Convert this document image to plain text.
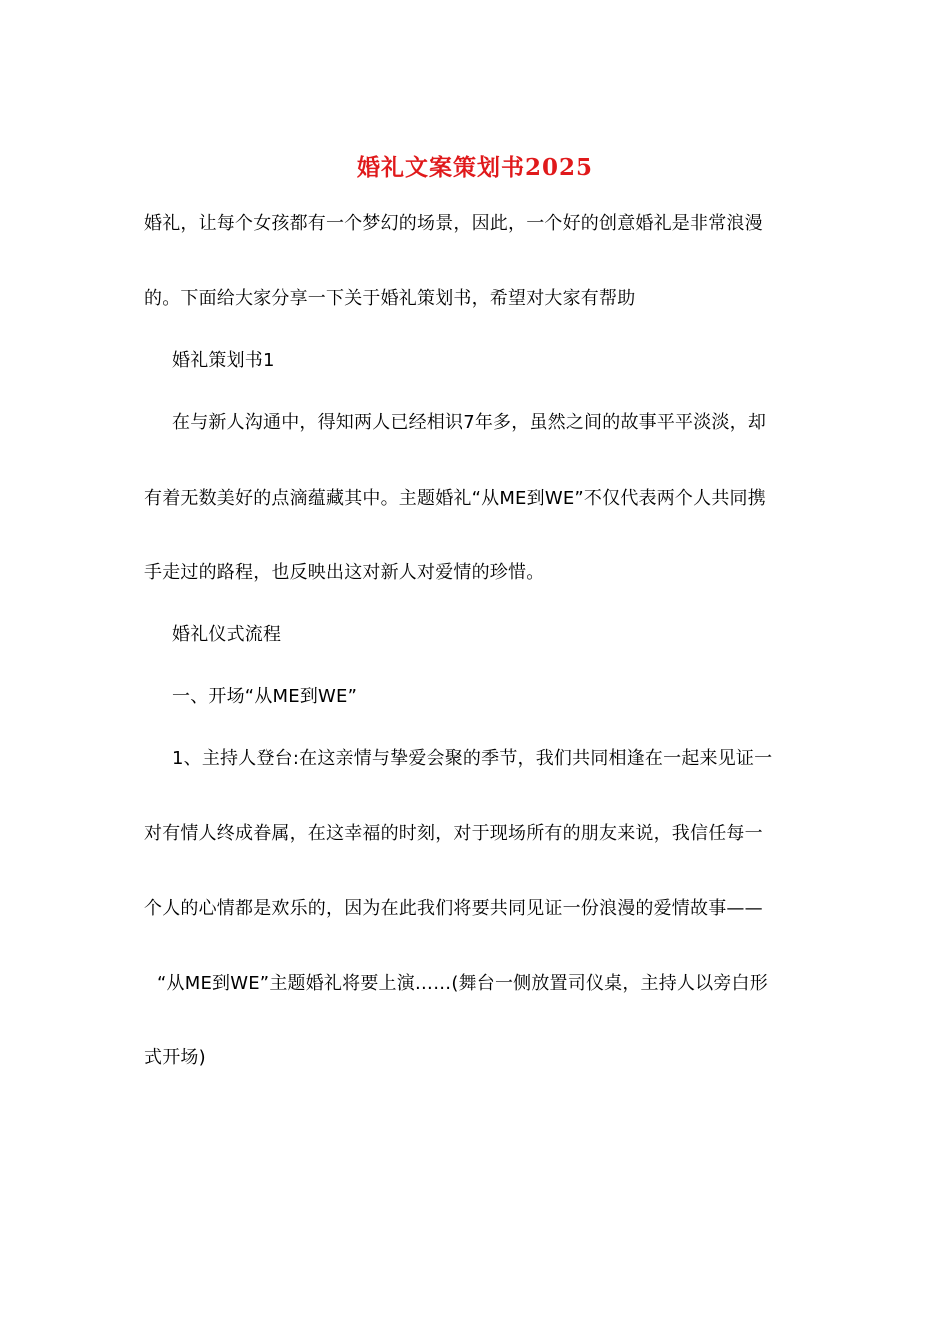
婚礼文案策划书2025
婚礼，让每个女孩都有一个梦幻的场景，因此，一个好的创意婚礼是非常浪漫
的。下面给大家分享一下关于婚礼策划书，希望对大家有帮助
婚礼策划书1
在与新人沟通中，得知两人已经相识7年多，虽然之间的故事平平淡淡，却
有着无数美好的点滴蕴藏其中。主题婚礼“从ME到WE”不仅代表两个人共同携
手走过的路程，也反映出这对新人对爱情的珍惜。
婚礼仪式流程
一、开场“从ME到WE”
1、主持人登台:在这亲情与挚爱会聚的季节，我们共同相逢在一起来见证一
对有情人终成眷属，在这幸福的时刻，对于现场所有的朋友来说，我信任每一
个人的心情都是欢乐的，因为在此我们将要共同见证一份浪漫的爱情故事——
“从ME到WE”主题婚礼将要上演……(舞台一侧放置司仪桌，主持人以旁白形
式开场)
